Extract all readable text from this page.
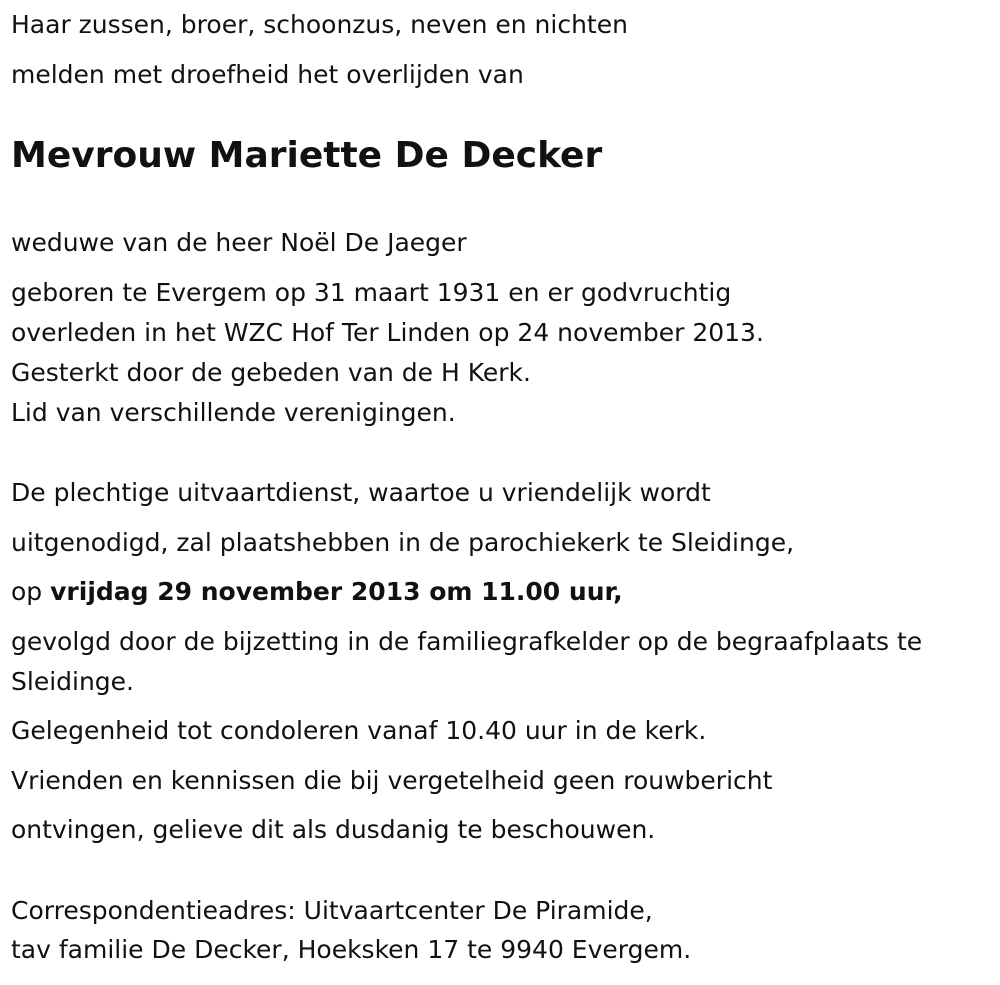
Haar zussen, broer, schoonzus, neven en nichten

melden met droefheid het overlijden van

Mevrouw Mariette De Decker

weduwe van de heer Noël De Jaeger

geboren te Evergem op 31 maart 1931 en er godvruchtig

overleden in het WZC Hof Ter Linden op 24 november 2013.

Gesterkt door de gebeden van de H Kerk.

Lid van verschillende verenigingen.

De plechtige uitvaartdienst, waartoe u vriendelijk wordt

uitgenodigd, zal plaatshebben in de parochiekerk te Sleidinge,

op vrijdag 29 november 2013 om 11.00 uur,

gevolgd door de bijzetting in de familiegrafkelder op de begraafplaats te

Sleidinge.

Gelegenheid tot condoleren vanaf 10.40 uur in de kerk.

Vrienden en kennissen die bij vergetelheid geen rouwbericht

ontvingen, gelieve dit als dusdanig te beschouwen.

Correspondentieadres: Uitvaartcenter De Piramide,

tav familie De Decker, Hoeksken 17 te 9940 Evergem.
